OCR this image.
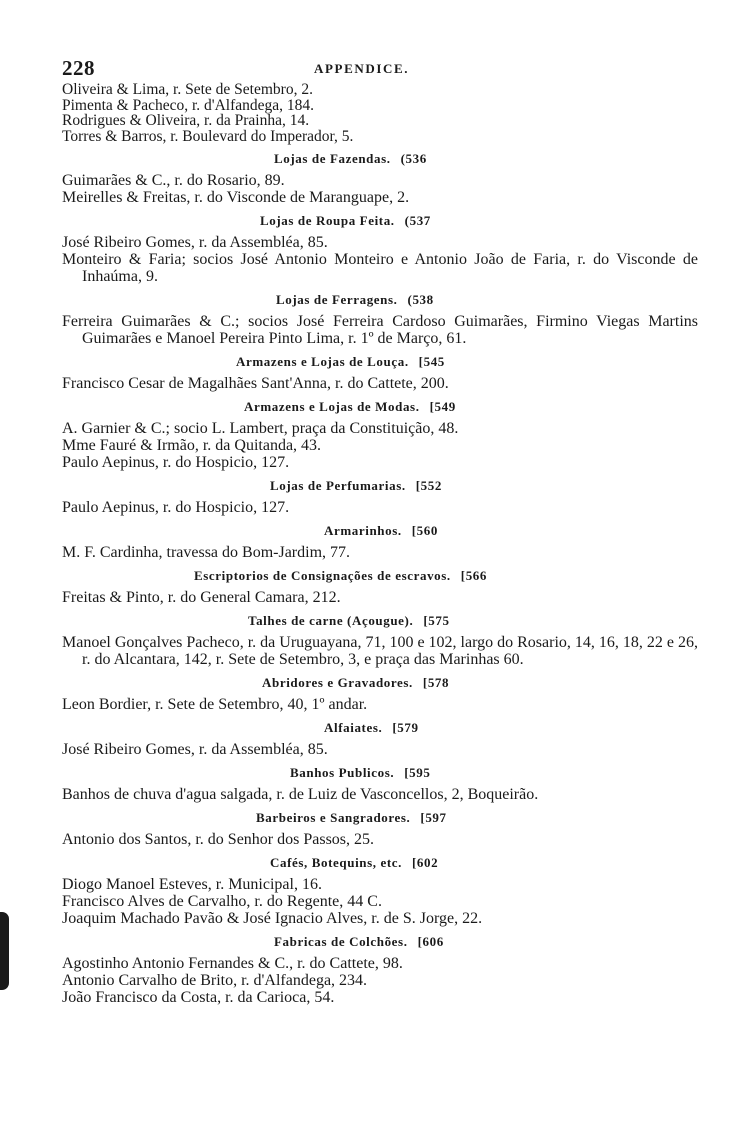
228	APPENDICE.

Oliveira & Lima, r. Sete de Setembro, 2.

Pimenta & Pacheco, r. d'Alfandega, 184.

Rodrigues & Oliveira, r. da Prainha, 14.

Torres & Barros, r. Boulevard do Imperador, 5.

Lojas de Fazendas. (536

Guimarães & C., r. do Rosario, 89.

Meirelles & Freitas, r. do Visconde de Maranguape, 2.

Lojas de Roupa Feita. (537

José Ribeiro Gomes, r. da Assembléa, 85.

Monteiro & Faria; socios José Antonio Monteiro e Antonio João de Faria, r. do Visconde de Inhaúma, 9.

Lojas de Ferragens. (538

Ferreira Guimarães & C.; socios José Ferreira Cardoso Guimarães, Firmino Viegas Martins Guimarães e Manoel Pereira Pinto Lima, r. 1º de Março, 61.

Armazens e Lojas de Louça. [545

Francisco Cesar de Magalhães Sant'Anna, r. do Cattete, 200.

Armazens e Lojas de Modas. [549

A. Garnier & C.; socio L. Lambert, praça da Constituição, 48.

Mme Fauré & Irmão, r. da Quitanda, 43.

Paulo Aepinus, r. do Hospicio, 127.

Lojas de Perfumarias. [552

Paulo Aepinus, r. do Hospicio, 127.

Armarinhos. [560

M. F. Cardinha, travessa do Bom-Jardim, 77.

Escriptorios de Consignações de escravos. [566

Freitas & Pinto, r. do General Camara, 212.

Talhes de carne (Açougue). [575

Manoel Gonçalves Pacheco, r. da Uruguayana, 71, 100 e 102, largo do Rosario, 14, 16, 18, 22 e 26, r. do Alcantara, 142, r. Sete de Setembro, 3, e praça das Marinhas 60.

Abridores e Gravadores. [578

Leon Bordier, r. Sete de Setembro, 40, 1º andar.

Alfaiates. [579

José Ribeiro Gomes, r. da Assembléa, 85.

Banhos Publicos. [595

Banhos de chuva d'agua salgada, r. de Luiz de Vasconcellos, 2, Boqueirão.

Barbeiros e Sangradores. [597

Antonio dos Santos, r. do Senhor dos Passos, 25.

Cafés, Botequins, etc. [602

Diogo Manoel Esteves, r. Municipal, 16.

Francisco Alves de Carvalho, r. do Regente, 44 C.

Joaquim Machado Pavão & José Ignacio Alves, r. de S. Jorge, 22.

Fabricas de Colchões. [606

Agostinho Antonio Fernandes & C., r. do Cattete, 98.

Antonio Carvalho de Brito, r. d'Alfandega, 234.

João Francisco da Costa, r. da Carioca, 54.
